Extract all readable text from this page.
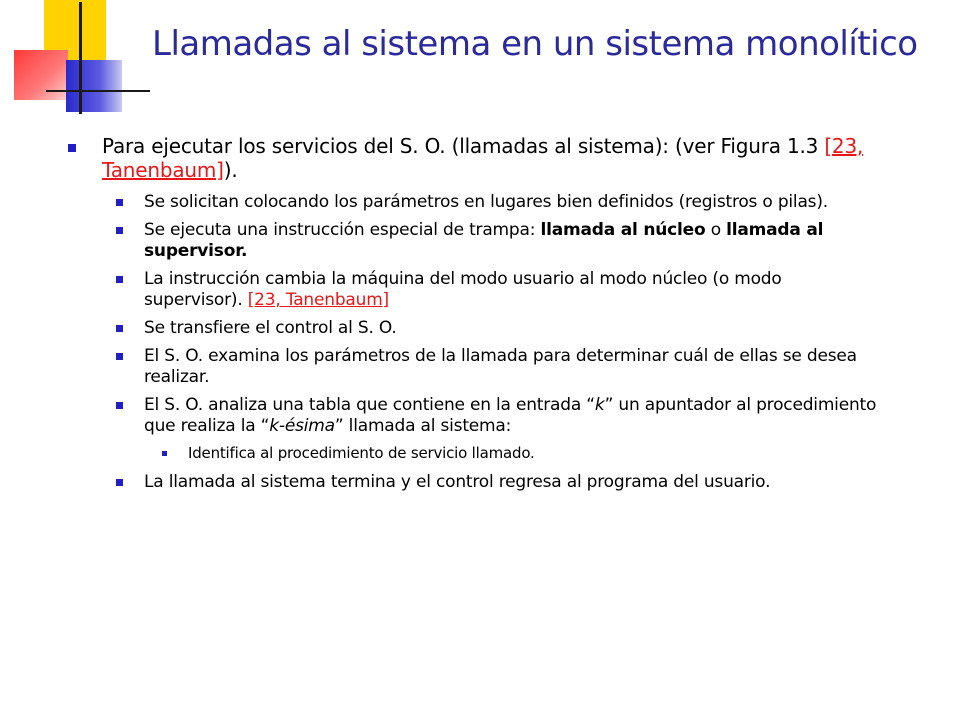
Llamadas al sistema en un sistema monolítico
Para ejecutar los servicios del S. O. (llamadas al sistema): (ver Figura 1.3 [23, Tanenbaum]).
Se solicitan colocando los parámetros en lugares bien definidos (registros o pilas).
Se ejecuta una instrucción especial de trampa: llamada al núcleo o llamada al supervisor.
La instrucción cambia la máquina del modo usuario al modo núcleo (o modo supervisor). [23, Tanenbaum]
Se transfiere el control al S. O.
El S. O. examina los parámetros de la llamada para determinar cuál de ellas se desea realizar.
El S. O. analiza una tabla que contiene en la entrada “k” un apuntador al procedimiento que realiza la “k-ésima” llamada al sistema:
Identifica al procedimiento de servicio llamado.
La llamada al sistema termina y el control regresa al programa del usuario.
